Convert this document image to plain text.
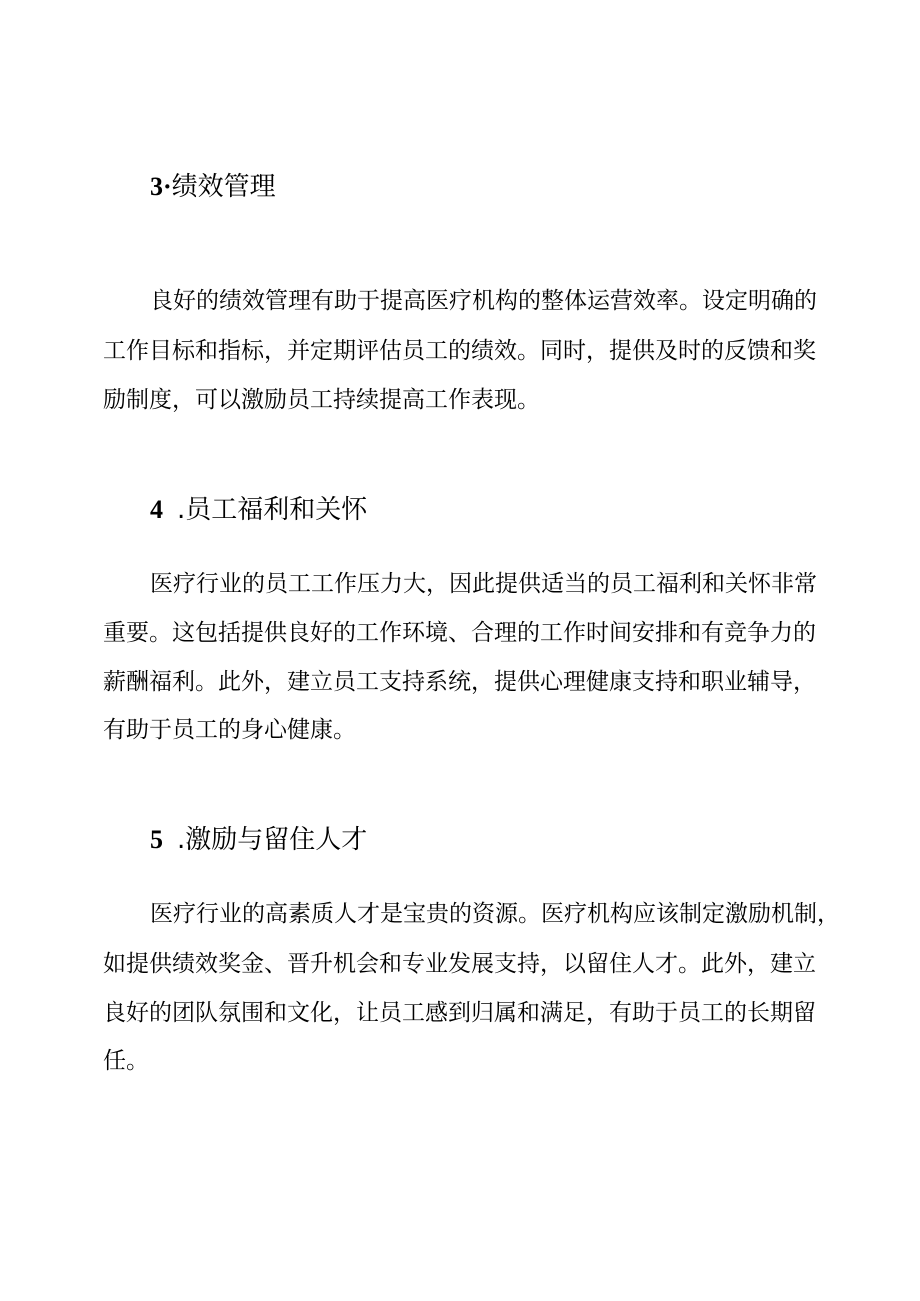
3·绩效管理
良好的绩效管理有助于提高医疗机构的整体运营效率。设定明确的
工作目标和指标，并定期评估员工的绩效。同时，提供及时的反馈和奖
励制度，可以激励员工持续提高工作表现。
4 .员工福利和关怀
医疗行业的员工工作压力大，因此提供适当的员工福利和关怀非常
重要。这包括提供良好的工作环境、合理的工作时间安排和有竞争力的
薪酬福利。此外，建立员工支持系统，提供心理健康支持和职业辅导，
有助于员工的身心健康。
5 .激励与留住人才
医疗行业的高素质人才是宝贵的资源。医疗机构应该制定激励机制，
如提供绩效奖金、晋升机会和专业发展支持，以留住人才。此外，建立
良好的团队氛围和文化，让员工感到归属和满足，有助于员工的长期留
任。
